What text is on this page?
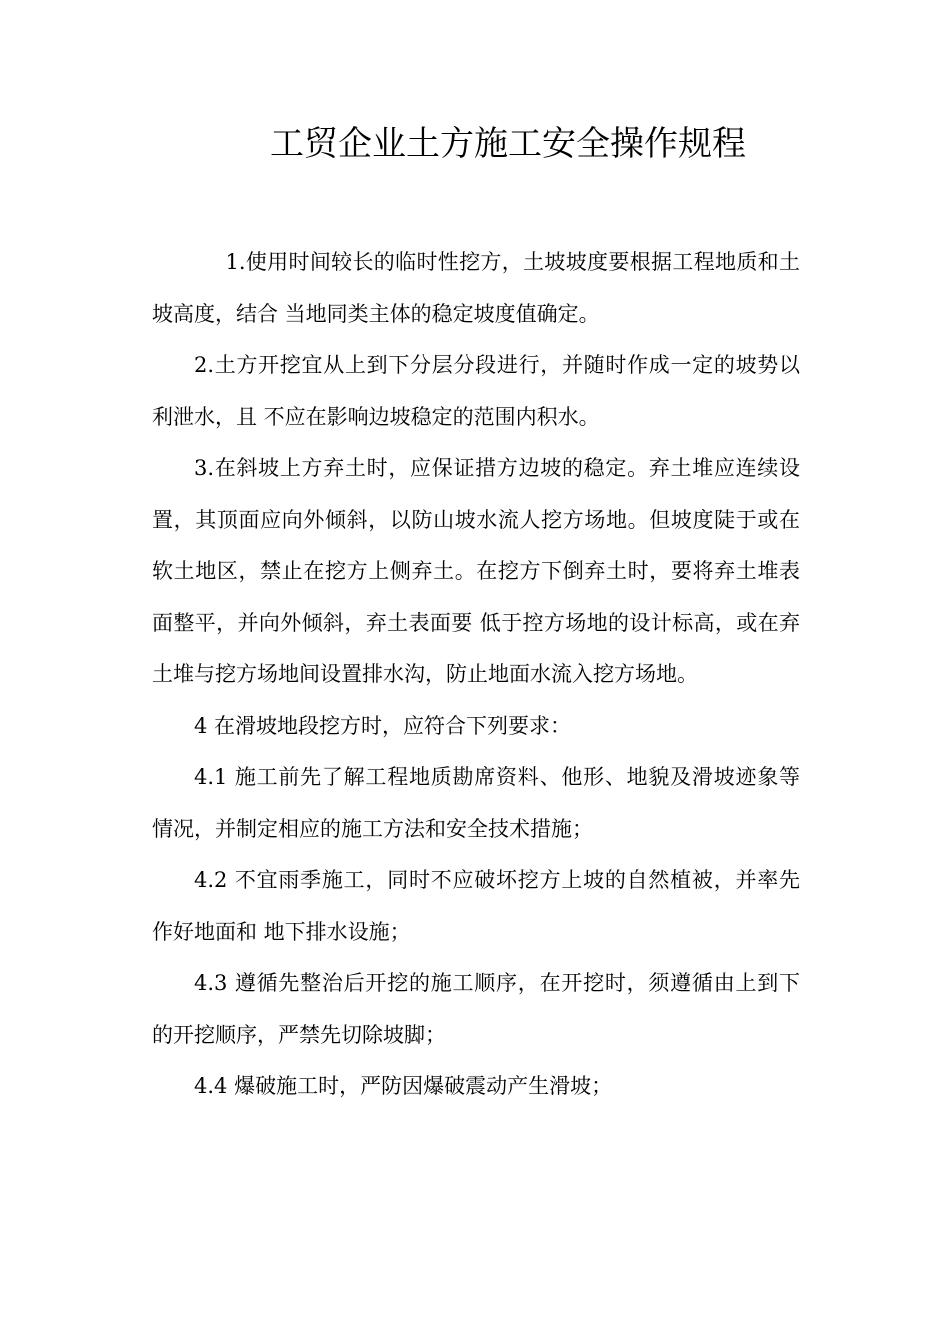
工贸企业土方施工安全操作规程

1.使用时间较长的临时性挖方，土坡坡度要根据工程地质和土坡高度，结合 当地同类主体的稳定坡度值确定。

2.土方开挖宜从上到下分层分段进行，并随时作成一定的坡势以利泄水，且 不应在影响边坡稳定的范围内积水。

3.在斜坡上方弃土时，应保证措方边坡的稳定。弃土堆应连续设置，其顶面应向外倾斜，以防山坡水流人挖方场地。但坡度陡于或在软土地区，禁止在挖方上侧弃土。在挖方下倒弃土时，要将弃土堆表面整平，并向外倾斜，弃土表面要 低于控方场地的设计标高，或在弃土堆与挖方场地间设置排水沟，防止地面水流入挖方场地。

4 在滑坡地段挖方时，应符合下列要求：

4.1 施工前先了解工程地质勘席资料、他形、地貌及滑坡迹象等情况，并制定相应的施工方法和安全技术措施；

4.2 不宜雨季施工，同时不应破坏挖方上坡的自然植被，并率先作好地面和 地下排水设施；

4.3 遵循先整治后开挖的施工顺序，在开挖时，须遵循由上到下的开挖顺序，严禁先切除坡脚；

4.4 爆破施工时，严防因爆破震动产生滑坡；
